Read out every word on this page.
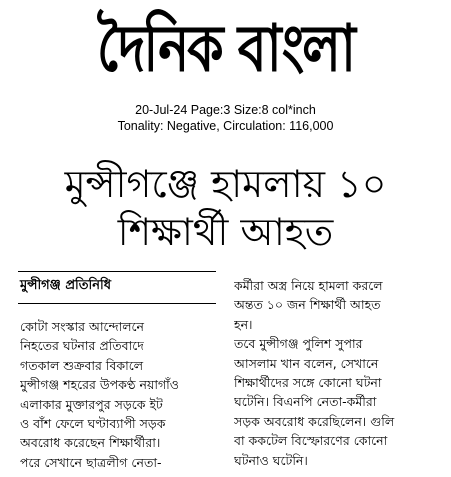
দৈনিক বাংলা
20-Jul-24 Page:3 Size:8 col*inch
Tonality: Negative, Circulation: 116,000
মুন্সীগঞ্জে হামলায় ১০
শিক্ষার্থী আহত
মুন্সীগঞ্জ প্রতিনিধি
কোটা সংস্কার আন্দোলনে
নিহতের ঘটনার প্রতিবাদে
গতকাল শুক্রবার বিকালে
মুন্সীগঞ্জ শহরের উপকণ্ঠ নয়াগাঁও
এলাকার মুক্তারপুর সড়কে ইট
ও বাঁশ ফেলে ঘণ্টাব্যাপী সড়ক
অবরোধ করেছেন শিক্ষার্থীরা।
পরে সেখানে ছাত্রলীগ নেতা-
কর্মীরা অস্ত্র নিয়ে হামলা করলে
অন্তত ১০ জন শিক্ষার্থী আহত
হন।
তবে মুন্সীগঞ্জ পুলিশ সুপার
আসলাম খান বলেন, সেখানে
শিক্ষার্থীদের সঙ্গে কোনো ঘটনা
ঘটেনি। বিএনপি নেতা-কর্মীরা
সড়ক অবরোধ করেছিলেন। গুলি
বা ককটেল বিস্ফোরণের কোনো
ঘটনাও ঘটেনি।
